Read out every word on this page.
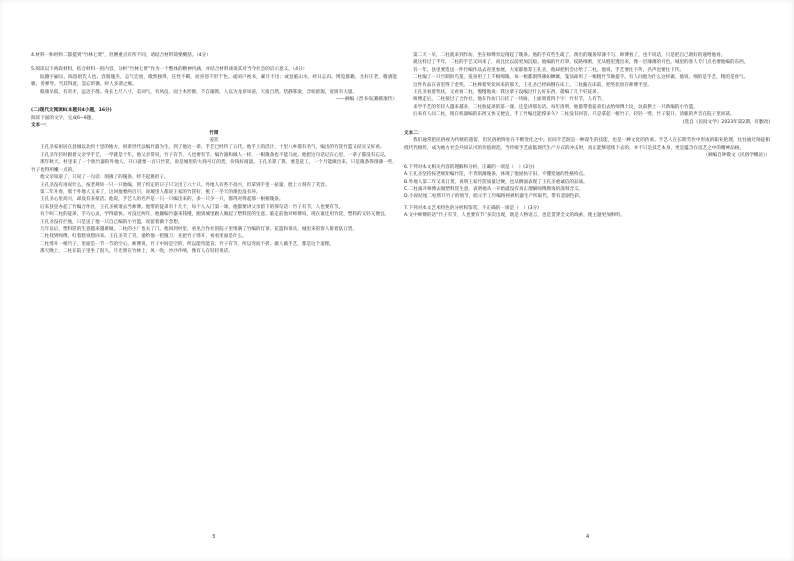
4.材料一和材料二都提到“竹林七贤”，但侧重点有所不同，请结合材料简要概括。（4分）
5.阅读以下两段材料，结合材料一的内容，分析“竹林七贤”作为一个整体的精神内涵，并结合材料谈谈其对当今社会的启示意义。（4分）
阮籍字嗣宗，陈留尉氏人也。容貌瑰杰，志气宏放，傲然独得，任性不羁，而喜怒不形于色。或闭户视书，累月不出；或登临山水，经日忘归。博览群籍，尤好庄老。嗜酒能啸，善弹琴。当其得意，忽忘形骸。时人多谓之痴。
嵇康早孤，有奇才，远迈不群。身长七尺八寸，美词气，有风仪，而土木形骸，不自藻饰，人以为龙章凤姿，天质自然。恬静寡欲，含垢匿瑕，宽简有大量。
——摘编《晋书·阮籍嵇康传》
(二)现代文阅读Ⅱ(本题共4小题，16分)
阅读下面的文字，完成6~9题。
文本一：
竹简
姜钦
王孔圣家祖居在县城以北约十里的地方，祖辈世代以编竹器为生。到了他这一辈，手艺已经传了五代。他手上的活计，十里八乡都有名气，编出的竹筐竹篮又结实又好看。
王孔圣年轻时跟着父亲学手艺，一学就是十年。他父亲常说，竹子有节，人也要有节。编竹器和做人一样，一根篾条也不能马虎。他把这句话记在心里，一辈子都没有忘记。
那年秋天，村里来了一个收竹器的外地人，开口就要一百只竹筐，说是城里的大商号订的货，价钱好商量。王孔圣算了算，要是赶工，一个月能做出来，只是篾条得削薄一些，竹子也得用嫩一点的。
他父亲知道了，只说了一句话：削薄了的篾条，经不起挑担子。
王孔圣没有再说什么，按老规矩一只一只地编，到了约定的日子只交出了六十只。外地人有些不高兴，但拿到手里一掂量，脸上立刻有了笑容。
第二年开春，那个外地人又来了，这回他要两百只，说城里人都说王家的竹筐好，挑了一冬天的煤也没有坏。
王孔圣心里高兴，却没有多接活。他说，手艺人的名声是一只一只编出来的，多一只少一只，都得对得起那一根根篾条。
后来县里办起了竹编合作社，王孔圣被请去当师傅。他带的徒弟有十几个，每个人入门第一课，他都要讲父亲留下的那句话：竹子有节，人也要有节。
有个叫二柱的徒弟，手巧心灵，学得最快。可没过两年，他嫌编竹器来钱慢，跑到城里跟人做起了塑料筐的生意。临走前他对师傅说，现在谁还用竹筐，塑料的又轻又便宜。
王孔圣没有拦他，只是送了他一只自己编的小竹篮，说留着做个念想。
几年以后，塑料筐的生意越来越难做，二柱的小厂也关了门。他回到村里，看见合作社的院子里堆满了竹编的灯罩、花篮和茶具，城里来的客人排着队订货。
二柱找到师傅，红着脸说想回来。王孔圣笑了笑，递给他一把篾刀：先把竹子劈开，看看里面是什么。
二柱劈开一根竹子，里面是一节一节的空心。师傅说，竹子中间是空的，所以能弯能直；竹子有节，所以弯而不折。做人做手艺，都是这个道理。
那天晚上，二柱在院子里坐了很久。月光照在竹林上，风一吹，沙沙作响，像有人在轻轻说话。
3
第二天一早，二柱就来到作坊，坐在师傅旁边削起了篾条。他的手有些生疏了，削出的篾条厚薄不匀，师傅看了，也不说话，只是把自己削好的递给他看。
就这样过了半年，二柱的手艺又回来了，而且比以前更加沉稳。他编的竹灯罩，纹路细密，光从缝里透出来，像一层薄薄的月色。城里的客人专门点名要他编的东西。
有一年，县里要选送一件竹编作品去省里参展。大家都推荐王孔圣，他却把机会让给了二柱。他说，手艺要往下传，名声也要往下传。
二柱编了一只竹制的鸟笼，笼身用了上千根细篾，每一根都削得薄如蝉翼，笼顶却用了一根粗竹节做提手。有人问他为什么这样做，他说，细的是手艺，粗的是骨气。
这件作品在省里得了金奖。二柱捧着奖状回来的那天，王孔圣已经病倒在床上。二柱跪在床前，把奖状放在师傅手里。
王孔圣看着奖状，又看看二柱，慢慢地说：我这辈子没编过什么好东西，就编了几个好徒弟。
师傅走后，二柱接过了合作社。他在作坊门口挂了一块匾，上面刻着四个字：竹有节，人有节。
来学手艺的年轻人越来越多，二柱收徒弟的第一课，还是讲那句话。每年清明，他都带着徒弟们去给师傅上坟，坟前摆上一只新编的小竹篮。
后来有人问二柱，现在机器编的东西又快又便宜，手工竹编还能撑多久？二柱没有回答，只是拿起一根竹子，轻轻一劈，竹子裂开，清脆的声音在院子里回荡。
(选自《民间文学》2023年第2期，有删改)
文本二：
我们通常把民俗视为传统的遗留，但民俗始终处在不断变化之中。民间手艺既是一种谋生的技能，也是一种文化的传承。手艺人在长期劳作中形成的职业伦理，往往通过师徒相授代代相传，成为地方社会共同认可的价值规范。当传统手艺面临现代生产方式的冲击时，真正能够延续下去的，并不只是技艺本身，更是蕴含在技艺之中的精神品格。
（摘编自钟敬文《民俗学概论》）
6.下列对本文相关内容的理解和分析，正确的一项是（　）(3分)
A.王孔圣坚持按老规矩编竹筐，不肯削薄篾条，体现了他固执守旧、不懂变通的性格特点。
B.外地人第二年又来订货，说明王家竹筐质量过硬，也从侧面表现了王孔圣重诚信的品质。
C.二柱离开师傅去做塑料筐生意，表明他从一开始就没有真正理解师傅教诲的深刻含义。
D.小说结尾二柱劈开竹子的情节，暗示手工竹编终将被机器生产所取代，带有悲剧色彩。
7.下列对本文艺术特色的分析和鉴赏，不正确的一项是（　）(3分)
A.文中师傅的话“竹子有节，人也要有节”多次出现，既是人物语言，也是贯穿全文的线索，使主题更加鲜明。
4
